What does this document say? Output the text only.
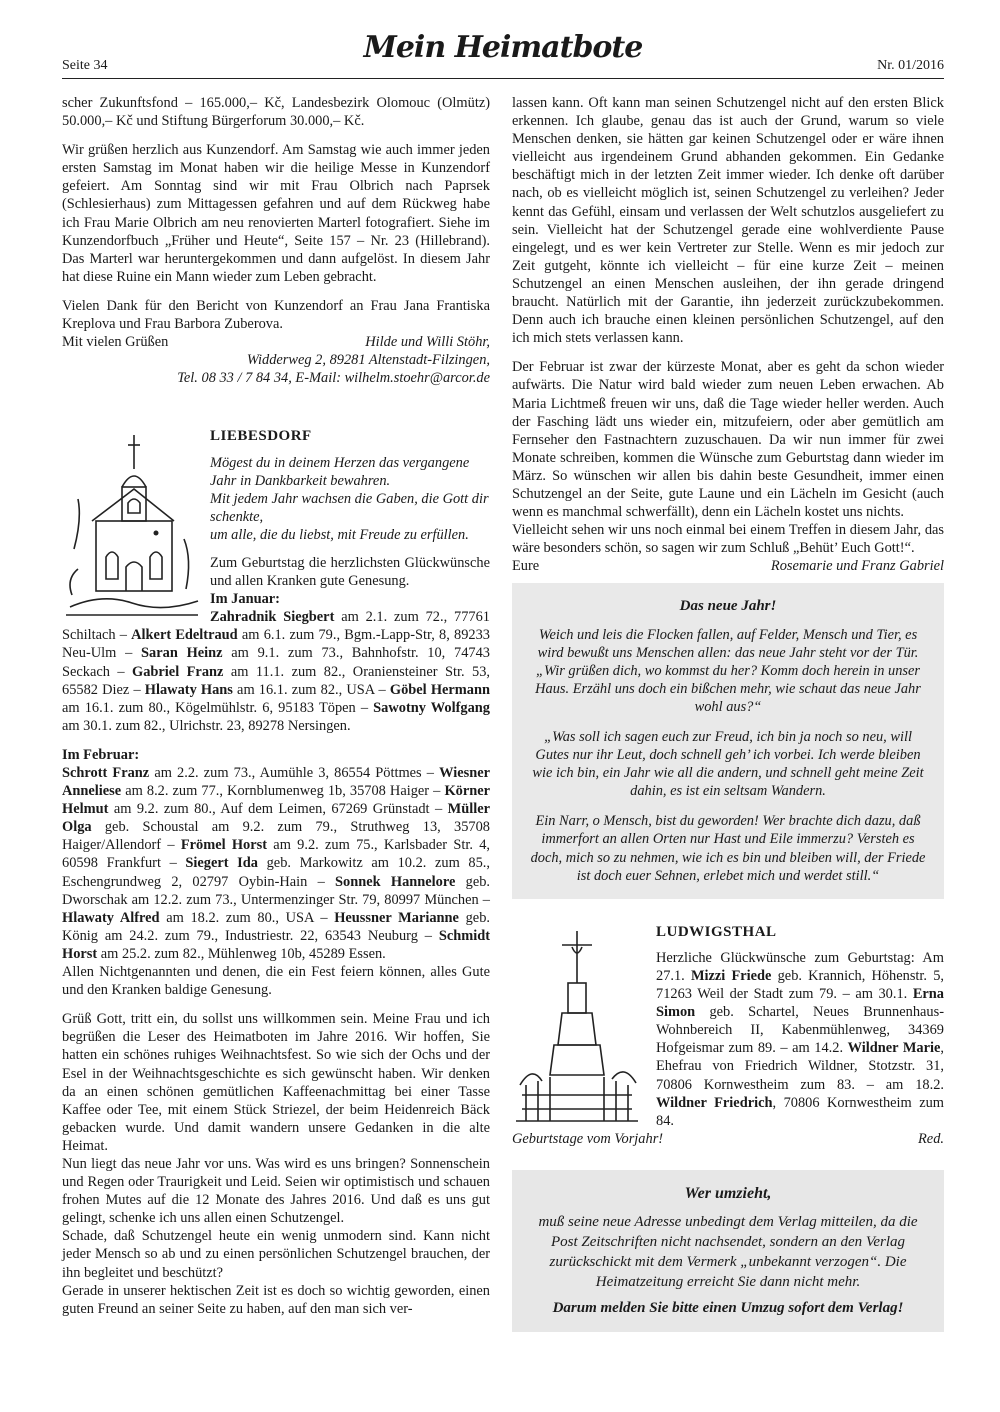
Seite 34
Mein Heimatbote
Nr. 01/2016

scher Zukunftsfond – 165.000,– Kč, Landesbezirk Olomouc (Olmütz) 50.000,– Kč und Stiftung Bürgerforum 30.000,– Kč.

Wir grüßen herzlich aus Kunzendorf. Am Samstag wie auch immer jeden ersten Samstag im Monat haben wir die heilige Messe in Kunzendorf gefeiert. Am Sonntag sind wir mit Frau Olbrich nach Paprsek (Schlesierhaus) zum Mittagessen gefahren und auf dem Rückweg habe ich Frau Marie Olbrich am neu renovierten Marterl fotografiert. Siehe im Kunzendorfbuch „Früher und Heute“, Seite 157 – Nr. 23 (Hillebrand). Das Marterl war heruntergekommen und dann aufgelöst. In diesem Jahr hat diese Ruine ein Mann wieder zum Leben gebracht.

Vielen Dank für den Bericht von Kunzendorf an Frau Jana Frantiska Kreplova und Frau Barbora Zuberova.

Mit vielen Grüßen	Hilde und Willi Stöhr,
Widderweg 2, 89281 Altenstadt-Filzingen,
Tel. 08 33 / 7 84 34, E-Mail: wilhelm.stoehr@arcor.de
LIEBESDORF
Mögest du in deinem Herzen das vergangene Jahr in Dankbarkeit bewahren.
Mit jedem Jahr wachsen die Gaben, die Gott dir schenkte,
um alle, die du liebst, mit Freude zu erfüllen.
Zum Geburtstag die herzlichsten Glückwünsche und allen Kranken gute Genesung.
Im Januar:
Zahradnik Siegbert am 2.1. zum 72., 77761 Schiltach – Alkert Edeltraud am 6.1. zum 79., Bgm.-Lapp-Str, 8, 89233 Neu-Ulm – Saran Heinz am 9.1. zum 73., Bahnhofstr. 10, 74743 Seckach – Gabriel Franz am 11.1. zum 82., Oraniensteiner Str. 53, 65582 Diez – Hlawaty Hans am 16.1. zum 82., USA – Göbel Hermann am 16.1. zum 80., Kögelmühlstr. 6, 95183 Töpen – Sawotny Wolfgang am 30.1. zum 82., Ulrichstr. 23, 89278 Nersingen.
Im Februar:
Schrott Franz am 2.2. zum 73., Aumühle 3, 86554 Pöttmes – Wiesner Anneliese am 8.2. zum 77., Kornblumenweg 1b, 35708 Haiger – Körner Helmut am 9.2. zum 80., Auf dem Leimen, 67269 Grünstadt – Müller Olga geb. Schoustal am 9.2. zum 79., Struthweg 13, 35708 Haiger/Allendorf – Frömel Horst am 9.2. zum 75., Karlsbader Str. 4, 60598 Frankfurt – Siegert Ida geb. Markowitz am 10.2. zum 85., Eschengrundweg 2, 02797 Oybin-Hain – Sonnek Hannelore geb. Dworschak am 12.2. zum 73., Untermenzinger Str. 79, 80997 München – Hlawaty Alfred am 18.2. zum 80., USA – Heussner Marianne geb. König am 24.2. zum 79., Industriestr. 22, 63543 Neuburg – Schmidt Horst am 25.2. zum 82., Mühlenweg 10b, 45289 Essen.

Allen Nichtgenannten und denen, die ein Fest feiern können, alles Gute und den Kranken baldige Genesung.

Grüß Gott, tritt ein, du sollst uns willkommen sein. Meine Frau und ich begrüßen die Leser des Heimatboten im Jahre 2016. Wir hoffen, Sie hatten ein schönes ruhiges Weihnachtsfest. So wie sich der Ochs und der Esel in der Weihnachtsgeschichte es sich gewünscht haben. Wir denken da an einen schönen gemütlichen Kaffeenachmittag bei einer Tasse Kaffee oder Tee, mit einem Stück Striezel, der beim Heidenreich Bäck gebacken wurde. Und damit wandern unsere Gedanken in die alte Heimat.

Nun liegt das neue Jahr vor uns. Was wird es uns bringen? Sonnenschein und Regen oder Traurigkeit und Leid. Seien wir optimistisch und schauen frohen Mutes auf die 12 Monate des Jahres 2016. Und daß es uns gut gelingt, schenke ich uns allen einen Schutzengel.

Schade, daß Schutzengel heute ein wenig unmodern sind. Kann nicht jeder Mensch so ab und zu einen persönlichen Schutzengel brauchen, der ihn begleitet und beschützt?

Gerade in unserer hektischen Zeit ist es doch so wichtig geworden, einen guten Freund an seiner Seite zu haben, auf den man sich ver-

lassen kann. Oft kann man seinen Schutzengel nicht auf den ersten Blick erkennen. Ich glaube, genau das ist auch der Grund, warum so viele Menschen denken, sie hätten gar keinen Schutzengel oder er wäre ihnen vielleicht aus irgendeinem Grund abhanden gekommen. Ein Gedanke beschäftigt mich in der letzten Zeit immer wieder. Ich denke oft darüber nach, ob es vielleicht möglich ist, seinen Schutzengel zu verleihen? Jeder kennt das Gefühl, einsam und verlassen der Welt schutzlos ausgeliefert zu sein. Vielleicht hat der Schutzengel gerade eine wohlverdiente Pause eingelegt, und es wer kein Vertreter zur Stelle. Wenn es mir jedoch zur Zeit gutgeht, könnte ich vielleicht – für eine kurze Zeit – meinen Schutzengel an einen Menschen ausleihen, der ihn gerade dringend braucht. Natürlich mit der Garantie, ihn jederzeit zurückzubekommen. Denn auch ich brauche einen kleinen persönlichen Schutzengel, auf den ich mich stets verlassen kann.

Der Februar ist zwar der kürzeste Monat, aber es geht da schon wieder aufwärts. Die Natur wird bald wieder zum neuen Leben erwachen. Ab Maria Lichtmeß freuen wir uns, daß die Tage wieder heller werden. Auch der Fasching lädt uns wieder ein, mitzufeiern, oder aber gemütlich am Fernseher den Fastnachtern zuzuschauen. Da wir nun immer für zwei Monate schreiben, kommen die Wünsche zum Geburtstag dann wieder im März. So wünschen wir allen bis dahin beste Gesundheit, immer einen Schutzengel an der Seite, gute Laune und ein Lächeln im Gesicht (auch wenn es manchmal schwerfällt), denn ein Lächeln kostet uns nichts.

Vielleicht sehen wir uns noch einmal bei einem Treffen in diesem Jahr, das wäre besonders schön, so sagen wir zum Schluß „Behüt’ Euch Gott!“.

Eure	Rosemarie und Franz Gabriel
Das neue Jahr!

Weich und leis die Flocken fallen, auf Felder, Mensch und Tier, es wird bewußt uns Menschen allen: das neue Jahr steht vor der Tür. „Wir grüßen dich, wo kommst du her? Komm doch herein in unser Haus. Erzähl uns doch ein bißchen mehr, wie schaut das neue Jahr wohl aus?“

„Was soll ich sagen euch zur Freud, ich bin ja noch so neu, will Gutes nur ihr Leut, doch schnell geh’ ich vorbei. Ich werde bleiben wie ich bin, ein Jahr wie all die andern, und schnell geht meine Zeit dahin, es ist ein seltsam Wandern.

Ein Narr, o Mensch, bist du geworden! Wer brachte dich dazu, daß immerfort an allen Orten nur Hast und Eile immerzu? Versteh es doch, mich so zu nehmen, wie ich es bin und bleiben will, der Friede ist doch euer Sehnen, erlebet mich und werdet still.“

LUDWIGSTHAL
Herzliche Glückwünsche zum Geburtstag: Am 27.1. Mizzi Friede geb. Krannich, Höhenstr. 5, 71263 Weil der Stadt zum 79. – am 30.1. Erna Simon geb. Schartel, Neues Brunnenhaus-Wohnbereich II, Kabenmühlenweg, 34369 Hofgeismar zum 89. – am 14.2. Wildner Marie, Ehefrau von Friedrich Wildner, Stotzstr. 31, 70806 Kornwestheim zum 83. – am 18.2. Wildner Friedrich, 70806 Kornwestheim zum 84.
Geburtstage vom Vorjahr!	Red.
Wer umzieht,
muß seine neue Adresse unbedingt dem Verlag mitteilen, da die Post Zeitschriften nicht nachsendet, sondern an den Verlag zurückschickt mit dem Vermerk „unbekannt verzogen“. Die Heimatzeitung erreicht Sie dann nicht mehr.
Darum melden Sie bitte einen Umzug sofort dem Verlag!
